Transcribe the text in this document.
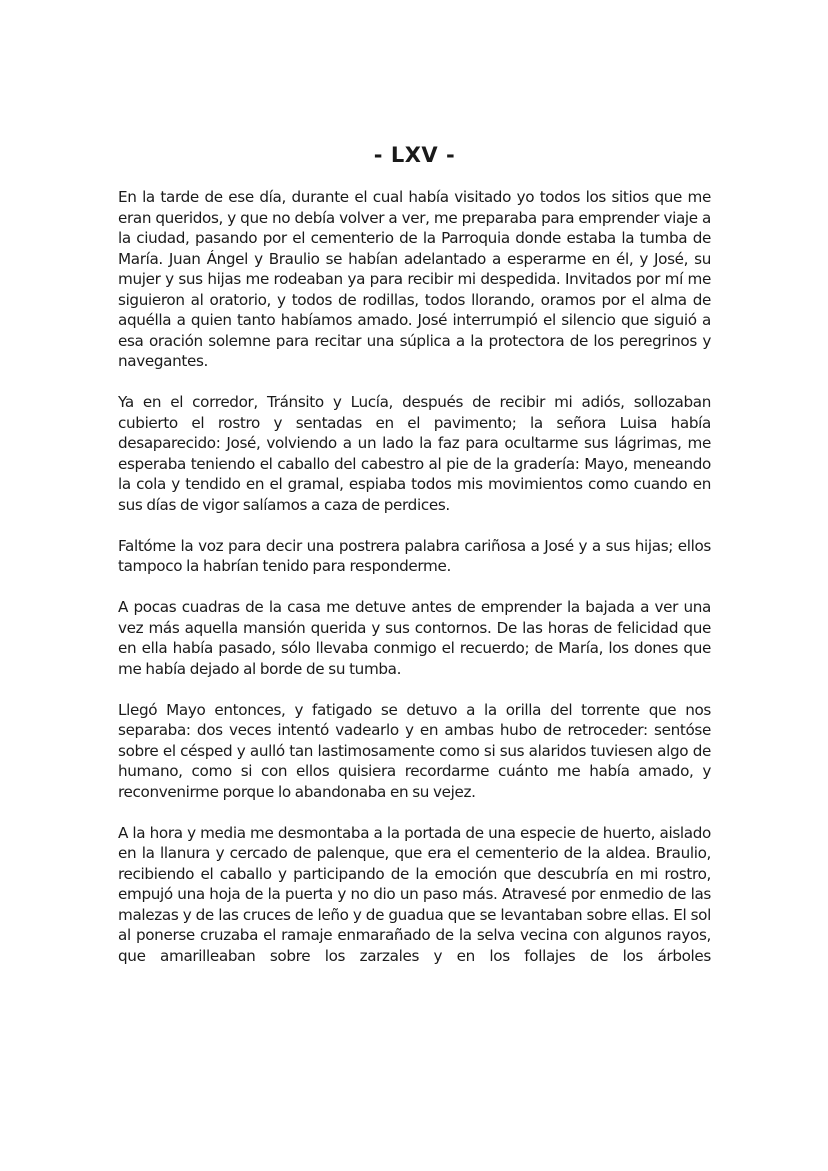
- LXV -

En la tarde de ese día, durante el cual había visitado yo todos los sitios que me eran queridos, y que no debía volver a ver, me preparaba para emprender viaje a la ciudad, pasando por el cementerio de la Parroquia donde estaba la tumba de María. Juan Ángel y Braulio se habían adelantado a esperarme en él, y José, su mujer y sus hijas me rodeaban ya para recibir mi despedida. Invitados por mí me siguieron al oratorio, y todos de rodillas, todos llorando, oramos por el alma de aquélla a quien tanto habíamos amado. José interrumpió el silencio que siguió a esa oración solemne para recitar una súplica a la protectora de los peregrinos y navegantes.

Ya en el corredor, Tránsito y Lucía, después de recibir mi adiós, sollozaban cubierto el rostro y sentadas en el pavimento; la señora Luisa había desaparecido: José, volviendo a un lado la faz para ocultarme sus lágrimas, me esperaba teniendo el caballo del cabestro al pie de la gradería: Mayo, meneando la cola y tendido en el gramal, espiaba todos mis movimientos como cuando en sus días de vigor salíamos a caza de perdices.

Faltóme la voz para decir una postrera palabra cariñosa a José y a sus hijas; ellos tampoco la habrían tenido para responderme.

A pocas cuadras de la casa me detuve antes de emprender la bajada a ver una vez más aquella mansión querida y sus contornos. De las horas de felicidad que en ella había pasado, sólo llevaba conmigo el recuerdo; de María, los dones que me había dejado al borde de su tumba.

Llegó Mayo entonces, y fatigado se detuvo a la orilla del torrente que nos separaba: dos veces intentó vadearlo y en ambas hubo de retroceder: sentóse sobre el césped y aulló tan lastimosamente como si sus alaridos tuviesen algo de humano, como si con ellos quisiera recordarme cuánto me había amado, y reconvenirme porque lo abandonaba en su vejez.

A la hora y media me desmontaba a la portada de una especie de huerto, aislado en la llanura y cercado de palenque, que era el cementerio de la aldea. Braulio, recibiendo el caballo y participando de la emoción que descubría en mi rostro, empujó una hoja de la puerta y no dio un paso más. Atravesé por enmedio de las malezas y de las cruces de leño y de guadua que se levantaban sobre ellas. El sol al ponerse cruzaba el ramaje enmarañado de la selva vecina con algunos rayos, que amarilleaban sobre los zarzales y en los follajes de los árboles
